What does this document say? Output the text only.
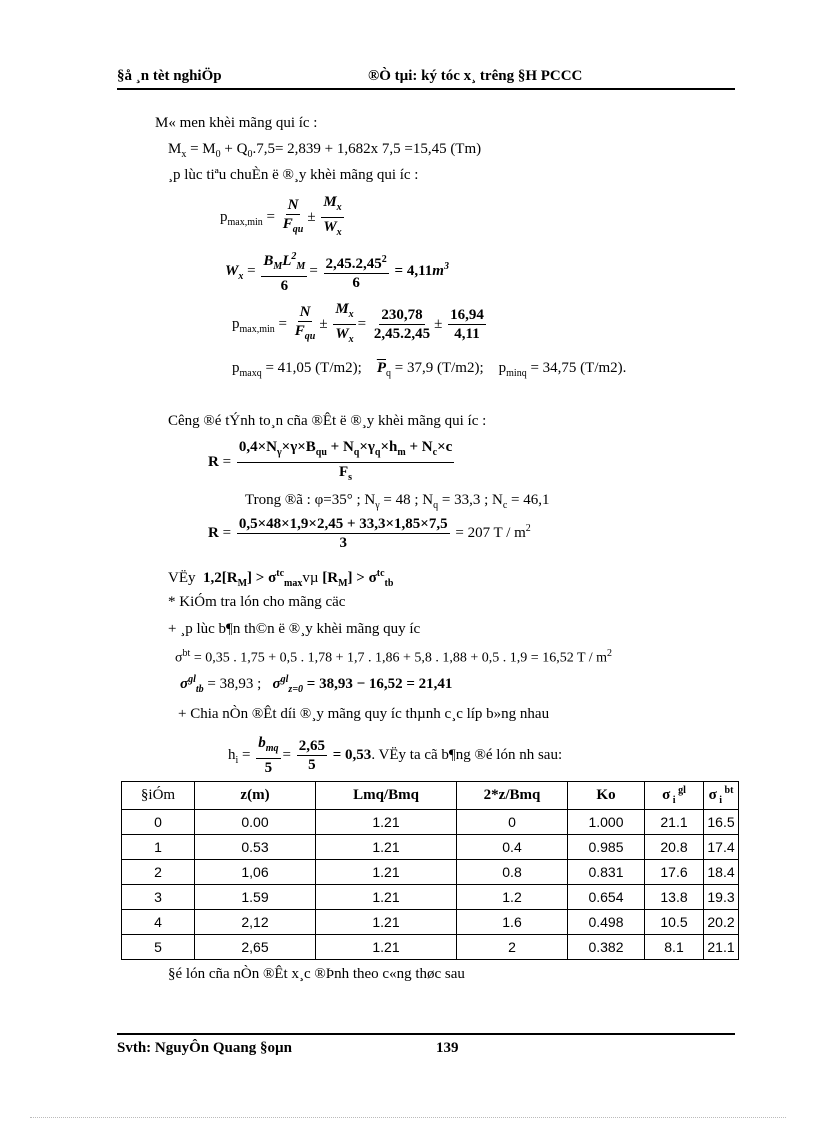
§å ¸n tèt nghiÖp	®Ò tµi: ký tóc x¸ trêng §H PCCC
M« men khèi mãng qui íc :
$M_x = M_0 + Q_0.7,5= 2,839 + 1,682x$ 7,5 =15,45 (Tm)
¸p lùc tiªu chuÈn ë ®¸y khèi mãng qui íc :
$p_{max,min} = \frac{N}{F_{qu}} \pm \frac{M_x}{W_x}$
$W_x = \frac{B_ML^2_M}{6} = \frac{2,45.2,45^2}{6} = 4,11m^3$
$p_{max,min} = \frac{N}{F_{qu}} \pm \frac{M_x}{W_x} = \frac{230,78}{2,45.2,45} \pm \frac{16,94}{4,11}$
$p_{maxq} = 41,05$ (T/m2); $\overline{P}_q = 37,9$ (T/m2);    $p_{minq} = 34,75$ (T/m2).
Cêng ®é tÝnh to¸n cña ®Êt ë ®¸y khèi mãng qui íc :
$R = \frac{0,4\times N_\gamma\times\gamma\times B_{qu} + N_q\times\gamma_q\times h_m + N_c\times c}{F_s}$
Trong ®ã : φ=35° ; $N_\gamma = 48$ ; $N_q = 33,3$ ; $N_c = 46,1$
$R = \frac{0,5\times 48\times 1,9\times 2,45 + 33,3\times 1,85\times 7,5}{3} = 207$ T / $m^2$
VËy $1,2[R_M] > \sigma^{tc}_{max}v\mu$ $[R_M] > \sigma^{tc}_{tb}$
* KiÓm tra lón cho mãng cäc
+ ¸p lùc b¶n th©n ë ®¸y khèi mãng quy íc
$\sigma^{bt} = 0,35$ . 1,75 + 0,5 . 1,78 + 1,7 . 1,86 + 5,8 . 1,88 + 0,5 . 1,9 = 16,52 T / $m^2$
$\sigma^{gl}_{tb} = 38,93$ ; $\sigma^{gl}_{z=0} = 38,93 - 16,52 = 21,41$
+ Chia nÒn ®Êt díi ®¸y mãng quy íc thµnh c¸c líp b»ng nhau
$h_i = \frac{b_{mq}}{5} = \frac{2,65}{5} = 0,53$. VËy ta cã b¶ng ®é lón nh sau:
§iÓm	z(m)	Lmq/Bmq	2*z/Bmq	Ko	σ $_i$ $^{gl}$	σ $_i$ $^{bt}$
0	0.00	1.21	0	1.000	21.1	16.5
1	0.53	1.21	0.4	0.985	20.8	17.4
2	1,06	1.21	0.8	0.831	17.6	18.4
3	1.59	1.21	1.2	0.654	13.8	19.3
4	2,12	1.21	1.6	0.498	10.5	20.2
5	2,65	1.21	2	0.382	8.1	21.1
§é lón cña nÒn ®Êt x¸c ®Þnh theo c«ng thøc sau
Svth: NguyÔn Quang §oµn	139
